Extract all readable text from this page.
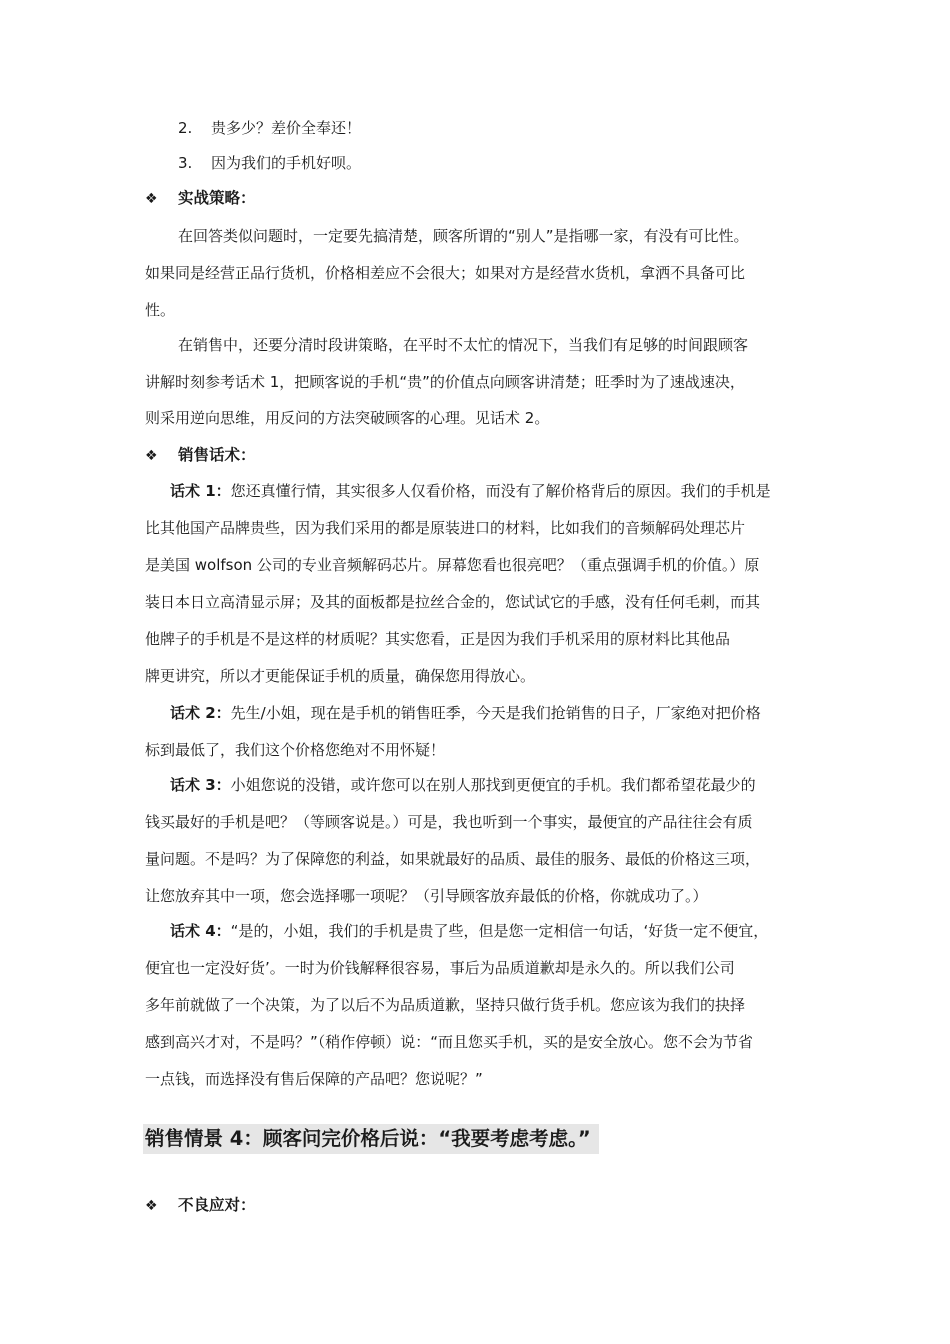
2. 贵多少？差价全奉还！
3. 因为我们的手机好呗。
❖ 实战策略：
在回答类似问题时，一定要先搞清楚，顾客所谓的“别人”是指哪一家，有没有可比性。
如果同是经营正品行货机，价格相差应不会很大；如果对方是经营水货机，拿洒不具备可比
性。
在销售中，还要分清时段讲策略，在平时不太忙的情况下，当我们有足够的时间跟顾客
讲解时刻参考话术 1，把顾客说的手机“贵”的价值点向顾客讲清楚；旺季时为了速战速决，
则采用逆向思维，用反问的方法突破顾客的心理。见话术 2。
❖ 销售话术：
话术 1：您还真懂行情，其实很多人仅看价格，而没有了解价格背后的原因。我们的手机是
比其他国产品牌贵些，因为我们采用的都是原装进口的材料，比如我们的音频解码处理芯片
是美国 wolfson 公司的专业音频解码芯片。屏幕您看也很亮吧？（重点强调手机的价值。）原
装日本日立高清显示屏；及其的面板都是拉丝合金的，您试试它的手感，没有任何毛刺，而其
他牌子的手机是不是这样的材质呢？其实您看，正是因为我们手机采用的原材料比其他品
牌更讲究，所以才更能保证手机的质量，确保您用得放心。
话术 2：先生/小姐，现在是手机的销售旺季，今天是我们抢销售的日子，厂家绝对把价格
标到最低了，我们这个价格您绝对不用怀疑！
话术 3：小姐您说的没错，或许您可以在别人那找到更便宜的手机。我们都希望花最少的
钱买最好的手机是吧？（等顾客说是。）可是，我也听到一个事实，最便宜的产品往往会有质
量问题。不是吗？为了保障您的利益，如果就最好的品质、最佳的服务、最低的价格这三项，
让您放弃其中一项，您会选择哪一项呢？（引导顾客放弃最低的价格，你就成功了。）
话术 4：“是的，小姐，我们的手机是贵了些，但是您一定相信一句话，‘好货一定不便宜，
便宜也一定没好货’。一时为价钱解释很容易，事后为品质道歉却是永久的。所以我们公司
多年前就做了一个决策，为了以后不为品质道歉，坚持只做行货手机。您应该为我们的抉择
感到高兴才对，不是吗？”（稍作停顿）说：“而且您买手机，买的是安全放心。您不会为节省
一点钱，而选择没有售后保障的产品吧？您说呢？”
销售情景 4：顾客问完价格后说：“我要考虑考虑。”
❖ 不良应对：
